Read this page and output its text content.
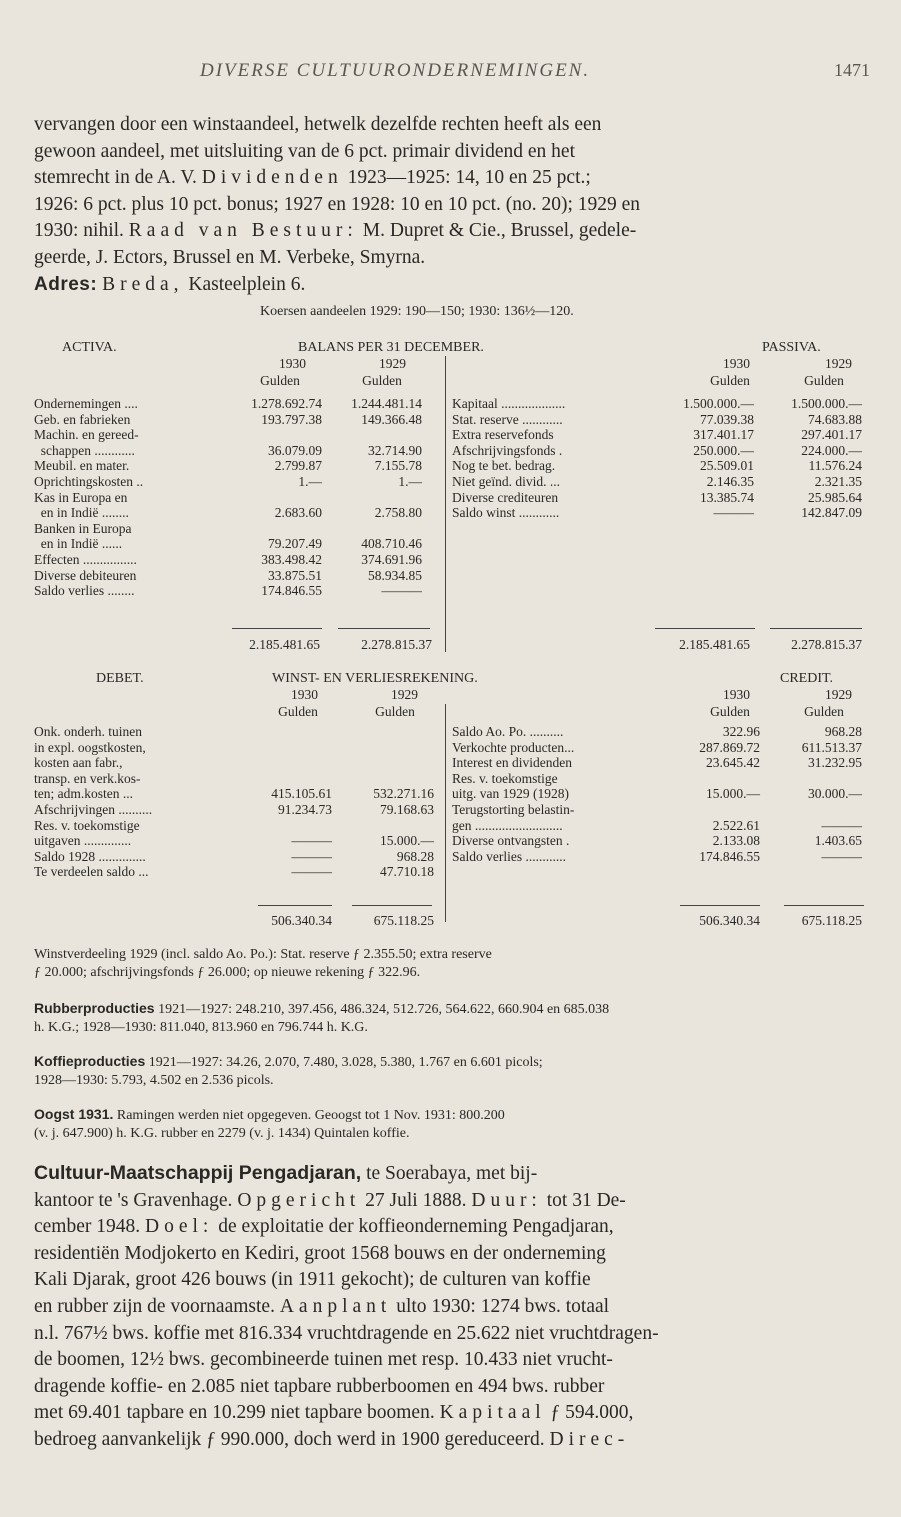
DIVERSE CULTUURONDERNEMINGEN.	1471
vervangen door een winstaandeel, hetwelk dezelfde rechten heeft als een
gewoon aandeel, met uitsluiting van de 6 pct. primair dividend en het
stemrecht in de A. V. Dividenden 1923—1925: 14, 10 en 25 pct.;
1926: 6 pct. plus 10 pct. bonus; 1927 en 1928: 10 en 10 pct. (no. 20); 1929 en
1930: nihil. Raad van Bestuur: M. Dupret & Cie., Brussel, gedele-
geerde, J. Ectors, Brussel en M. Verbeke, Smyrna.
Adres: Breda, Kasteelplein 6.
Koersen aandeelen 1929: 190—150; 1930: 136½—120.
ACTIVA.	BALANS PER 31 DECEMBER.	PASSIVA.
1930	1929	1930	1929
Gulden	Gulden	Gulden	Gulden
Ondernemingen ....	1.278.692.74	1.244.481.14
Geb. en fabrieken	193.797.38	149.366.48
Machin. en gereed-
schappen ............	36.079.09	32.714.90
Meubil. en mater.	2.799.87	7.155.78
Oprichtingskosten ..	1.—	1.—
Kas in Europa en
en in Indië ........	2.683.60	2.758.80
Banken in Europa
en in Indië ......	79.207.49	408.710.46
Effecten ................	383.498.42	374.691.96
Diverse debiteuren	33.875.51	58.934.85
Saldo verlies ........	174.846.55	———
Kapitaal ...................	1.500.000.—	1.500.000.—
Stat. reserve ............	77.039.38	74.683.88
Extra reservefonds	317.401.17	297.401.17
Afschrijvingsfonds .	250.000.—	224.000.—
Nog te bet. bedrag.	25.509.01	11.576.24
Niet geïnd. divid. ...	2.146.35	2.321.35
Diverse crediteuren	13.385.74	25.985.64
Saldo winst ............	———	142.847.09
2.185.481.65	2.278.815.37	2.185.481.65	2.278.815.37
DEBET.	WINST- EN VERLIESREKENING.	CREDIT.
1930	1929	1930	1929
Gulden	Gulden	Gulden	Gulden
Onk. onderh. tuinen
in expl. oogstkosten,
kosten aan fabr.,
transp. en verk.kos-
ten; adm.kosten ...	415.105.61	532.271.16
Afschrijvingen ..........	91.234.73	79.168.63
Res. v. toekomstige
uitgaven ..............	———	15.000.—
Saldo 1928 ..............	———	968.28
Te verdeelen saldo ...	———	47.710.18
Saldo Ao. Po. ..........	322.96	968.28
Verkochte producten...	287.869.72	611.513.37
Interest en dividenden	23.645.42	31.232.95
Res. v. toekomstige
uitg. van 1929 (1928)	15.000.—	30.000.—
Terugstorting belastin-
gen ..........................	2.522.61	———
Diverse ontvangsten .	2.133.08	1.403.65
Saldo verlies ............	174.846.55	———
506.340.34	675.118.25	506.340.34	675.118.25
Winstverdeeling 1929 (incl. saldo Ao. Po.): Stat. reserve ƒ 2.355.50; extra reserve
ƒ 20.000; afschrijvingsfonds ƒ 26.000; op nieuwe rekening ƒ 322.96.
Rubberproducties 1921—1927: 248.210, 397.456, 486.324, 512.726, 564.622, 660.904 en 685.038
h. K.G.; 1928—1930: 811.040, 813.960 en 796.744 h. K.G.
Koffieproducties 1921—1927: 34.26, 2.070, 7.480, 3.028, 5.380, 1.767 en 6.601 picols;
1928—1930: 5.793, 4.502 en 2.536 picols.
Oogst 1931. Ramingen werden niet opgegeven. Geoogst tot 1 Nov. 1931: 800.200
(v. j. 647.900) h. K.G. rubber en 2279 (v. j. 1434) Quintalen koffie.
Cultuur-Maatschappij Pengadjaran, te Soerabaya, met bij-
kantoor te 's Gravenhage. Opgericht 27 Juli 1888. Duur: tot 31 De-
cember 1948. Doel: de exploitatie der koffieonderneming Pengadjaran,
residentiën Modjokerto en Kediri, groot 1568 bouws en der onderneming
Kali Djarak, groot 426 bouws (in 1911 gekocht); de culturen van koffie
en rubber zijn de voornaamste. Aanplant ulto 1930: 1274 bws. totaal
n.l. 767½ bws. koffie met 816.334 vruchtdragende en 25.622 niet vruchtdragen-
de boomen, 12½ bws. gecombineerde tuinen met resp. 10.433 niet vrucht-
dragende koffie- en 2.085 niet tapbare rubberboomen en 494 bws. rubber
met 69.401 tapbare en 10.299 niet tapbare boomen. Kapitaal ƒ 594.000,
bedroeg aanvankelijk ƒ 990.000, doch werd in 1900 gereduceerd. Direc-
